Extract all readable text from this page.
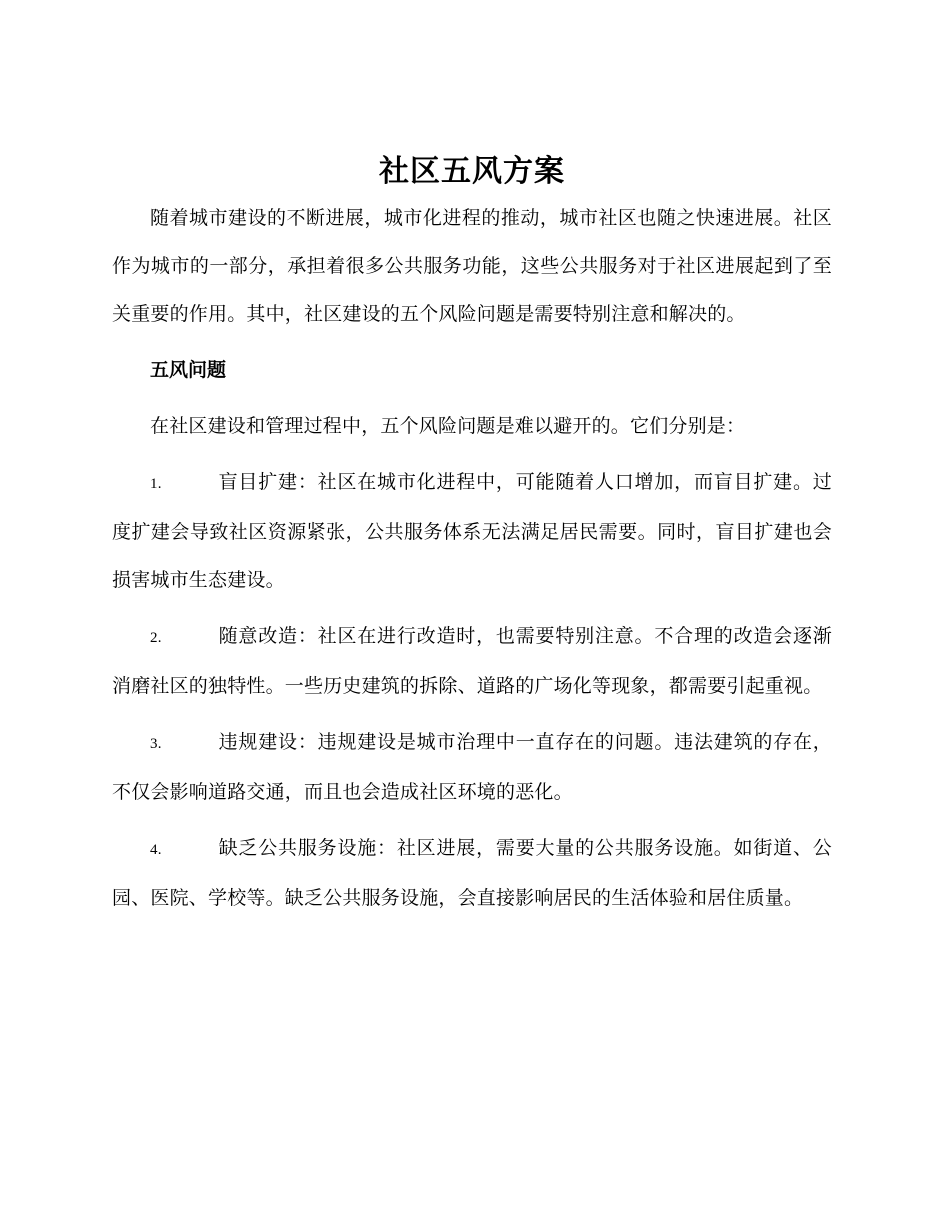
社区五风方案

随着城市建设的不断进展，城市化进程的推动，城市社区也随之快速进展。社区作为城市的一部分，承担着很多公共服务功能，这些公共服务对于社区进展起到了至关重要的作用。其中，社区建设的五个风险问题是需要特别注意和解决的。

五风问题

在社区建设和管理过程中，五个风险问题是难以避开的。它们分别是：

1.	盲目扩建：社区在城市化进程中，可能随着人口增加，而盲目扩建。过度扩建会导致社区资源紧张，公共服务体系无法满足居民需要。同时，盲目扩建也会损害城市生态建设。

2.	随意改造：社区在进行改造时，也需要特别注意。不合理的改造会逐渐消磨社区的独特性。一些历史建筑的拆除、道路的广场化等现象，都需要引起重视。

3.	违规建设：违规建设是城市治理中一直存在的问题。违法建筑的存在，不仅会影响道路交通，而且也会造成社区环境的恶化。

4.	缺乏公共服务设施：社区进展，需要大量的公共服务设施。如街道、公园、医院、学校等。缺乏公共服务设施，会直接影响居民的生活体验和居住质量。
